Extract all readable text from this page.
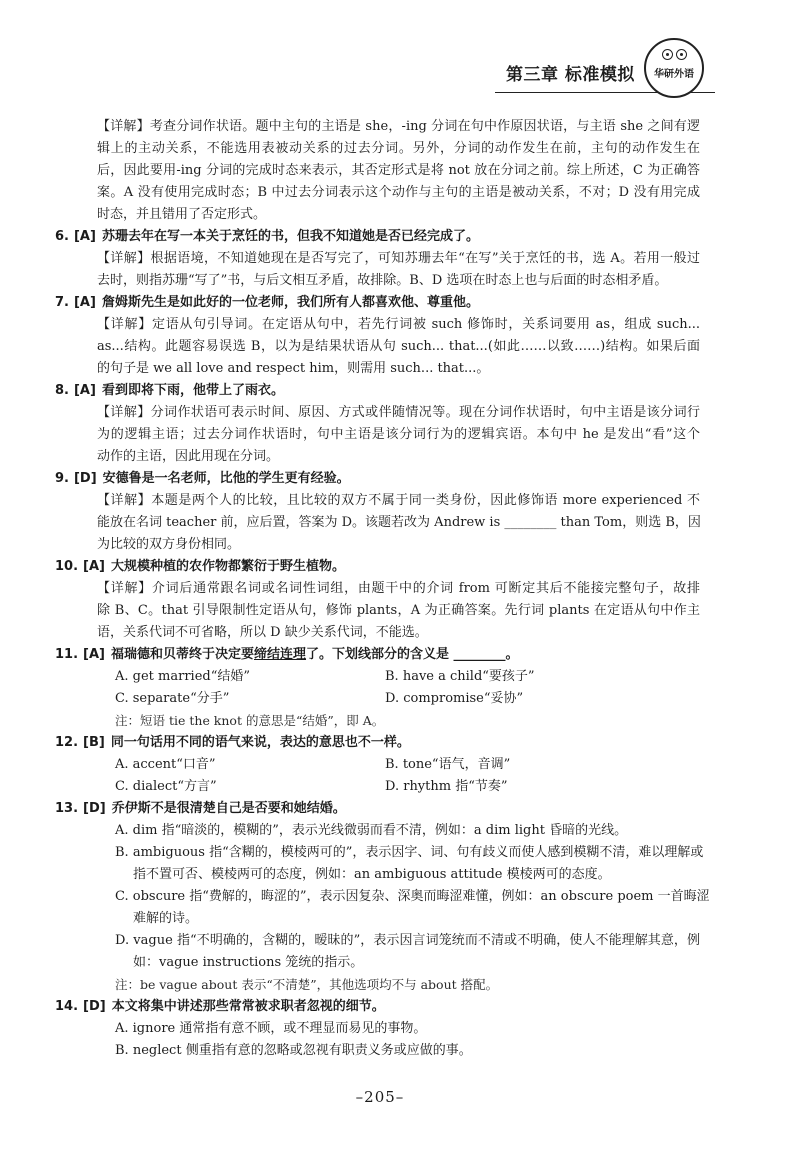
第三章 标准模拟	华研外语
【详解】考查分词作状语。题中主句的主语是 she，-ing 分词在句中作原因状语，与主语 she 之间有逻
辑上的主动关系，不能选用表被动关系的过去分词。另外，分词的动作发生在前，主句的动作发生在
后，因此要用-ing 分词的完成时态来表示，其否定形式是将 not 放在分词之前。综上所述，C 为正确答
案。A 没有使用完成时态；B 中过去分词表示这个动作与主句的主语是被动关系，不对；D 没有用完成
时态，并且错用了否定形式。
6. [A] 苏珊去年在写一本关于烹饪的书，但我不知道她是否已经完成了。
【详解】根据语境，不知道她现在是否写完了，可知苏珊去年“在写”关于烹饪的书，选 A。若用一般过
去时，则指苏珊“写了”书，与后文相互矛盾，故排除。B、D 选项在时态上也与后面的时态相矛盾。
7. [A] 詹姆斯先生是如此好的一位老师，我们所有人都喜欢他、尊重他。
【详解】定语从句引导词。在定语从句中，若先行词被 such 修饰时，关系词要用 as，组成 such...
as...结构。此题容易误选 B，以为是结果状语从句 such... that...(如此……以致……)结构。如果后面
的句子是 we all love and respect him，则需用 such... that...。
8. [A] 看到即将下雨，他带上了雨衣。
【详解】分词作状语可表示时间、原因、方式或伴随情况等。现在分词作状语时，句中主语是该分词行
为的逻辑主语；过去分词作状语时，句中主语是该分词行为的逻辑宾语。本句中 he 是发出“看”这个
动作的主语，因此用现在分词。
9. [D] 安德鲁是一名老师，比他的学生更有经验。
【详解】本题是两个人的比较，且比较的双方不属于同一类身份，因此修饰语 more experienced 不
能放在名词 teacher 前，应后置，答案为 D。该题若改为 Andrew is ________ than Tom，则选 B，因
为比较的双方身份相同。
10. [A] 大规模种植的农作物都繁衍于野生植物。
【详解】介词后通常跟名词或名词性词组，由题干中的介词 from 可断定其后不能接完整句子，故排
除 B、C。that 引导限制性定语从句，修饰 plants，A 为正确答案。先行词 plants 在定语从句中作主
语，关系代词不可省略，所以 D 缺少关系代词，不能选。
11. [A] 福瑞德和贝蒂终于决定要缔结连理了。下划线部分的含义是 ________。
A. get married“结婚”	B. have a child“要孩子”
C. separate“分手”	D. compromise“妥协”
注：短语 tie the knot 的意思是“结婚”，即 A。
12. [B] 同一句话用不同的语气来说，表达的意思也不一样。
A. accent“口音”	B. tone“语气，音调”
C. dialect“方言”	D. rhythm 指“节奏”
13. [D] 乔伊斯不是很清楚自己是否要和她结婚。
A. dim 指“暗淡的，模糊的”，表示光线微弱而看不清，例如：a dim light 昏暗的光线。
B. ambiguous 指“含糊的，模棱两可的”，表示因字、词、句有歧义而使人感到模糊不清，难以理解或
指不置可否、模棱两可的态度，例如：an ambiguous attitude 模棱两可的态度。
C. obscure 指“费解的，晦涩的”，表示因复杂、深奥而晦涩难懂，例如：an obscure poem 一首晦涩
难解的诗。
D. vague 指“不明确的，含糊的，暧昧的”，表示因言词笼统而不清或不明确，使人不能理解其意，例
如：vague instructions 笼统的指示。
注：be vague about 表示“不清楚”，其他选项均不与 about 搭配。
14. [D] 本文将集中讲述那些常常被求职者忽视的细节。
A. ignore 通常指有意不顾，或不理显而易见的事物。
B. neglect 侧重指有意的忽略或忽视有职责义务或应做的事。
–205–
